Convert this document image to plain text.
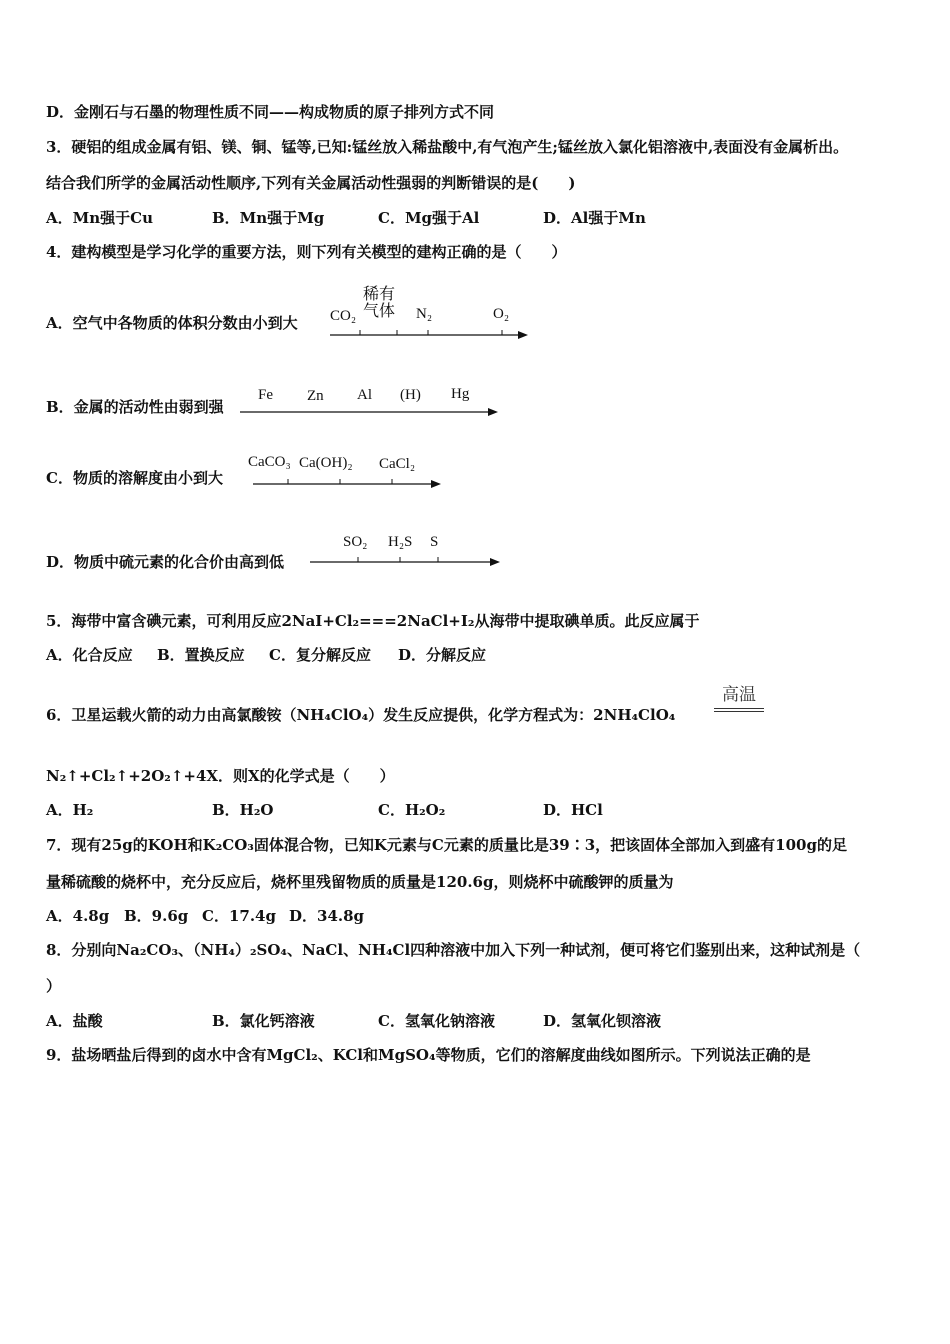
D．金刚石与石墨的物理性质不同——构成物质的原子排列方式不同
3．硬铝的组成金属有铝、镁、铜、锰等,已知:锰丝放入稀盐酸中,有气泡产生;锰丝放入氯化铝溶液中,表面没有金属析出。
结合我们所学的金属活动性顺序,下列有关金属活动性强弱的判断错误的是(　　)
A．Mn强于Cu	B．Mn强于Mg	C．Mg强于Al	D．Al强于Mn
4．建构模型是学习化学的重要方法，则下列有关模型的建构正确的是（　　）
A．空气中各物质的体积分数由小到大 CO₂
稀有
气体 N₂	O₂
B．金属的活动性由弱到强
Fe Zn Al (H) Hg
C．物质的溶解度由小到大
CaCO₃ Ca(OH)₂ CaCl₂
D．物质中硫元素的化合价由高到低
SO₂ H₂S S
5．海带中富含碘元素，可利用反应2NaI+Cl₂===2NaCl+I₂从海带中提取碘单质。此反应属于
A．化合反应 B．置换反应 C．复分解反应 D．分解反应
6．卫星运载火箭的动力由高氯酸铵（NH₄ClO₄）发生反应提供，化学方程式为：2NH₄ClO₄
高温
N₂↑+Cl₂↑+2O₂↑+4X．则X的化学式是（　　）
A．H₂	B．H₂O	C．H₂O₂	D．HCl
7．现有25g的KOH和K₂CO₃固体混合物，已知K元素与C元素的质量比是39∶3，把该固体全部加入到盛有100g的足
量稀硫酸的烧杯中，充分反应后，烧杯里残留物质的质量是120.6g，则烧杯中硫酸钾的质量为
A．4.8g B．9.6g C．17.4g D．34.8g
8．分别向Na₂CO₃、（NH₄）₂SO₄、NaCl、NH₄Cl四种溶液中加入下列一种试剂，便可将它们鉴别出来，这种试剂是（
）
A．盐酸	B．氯化钙溶液	C．氢氧化钠溶液	D．氢氧化钡溶液
9．盐场晒盐后得到的卤水中含有MgCl₂、KCl和MgSO₄等物质，它们的溶解度曲线如图所示。下列说法正确的是
